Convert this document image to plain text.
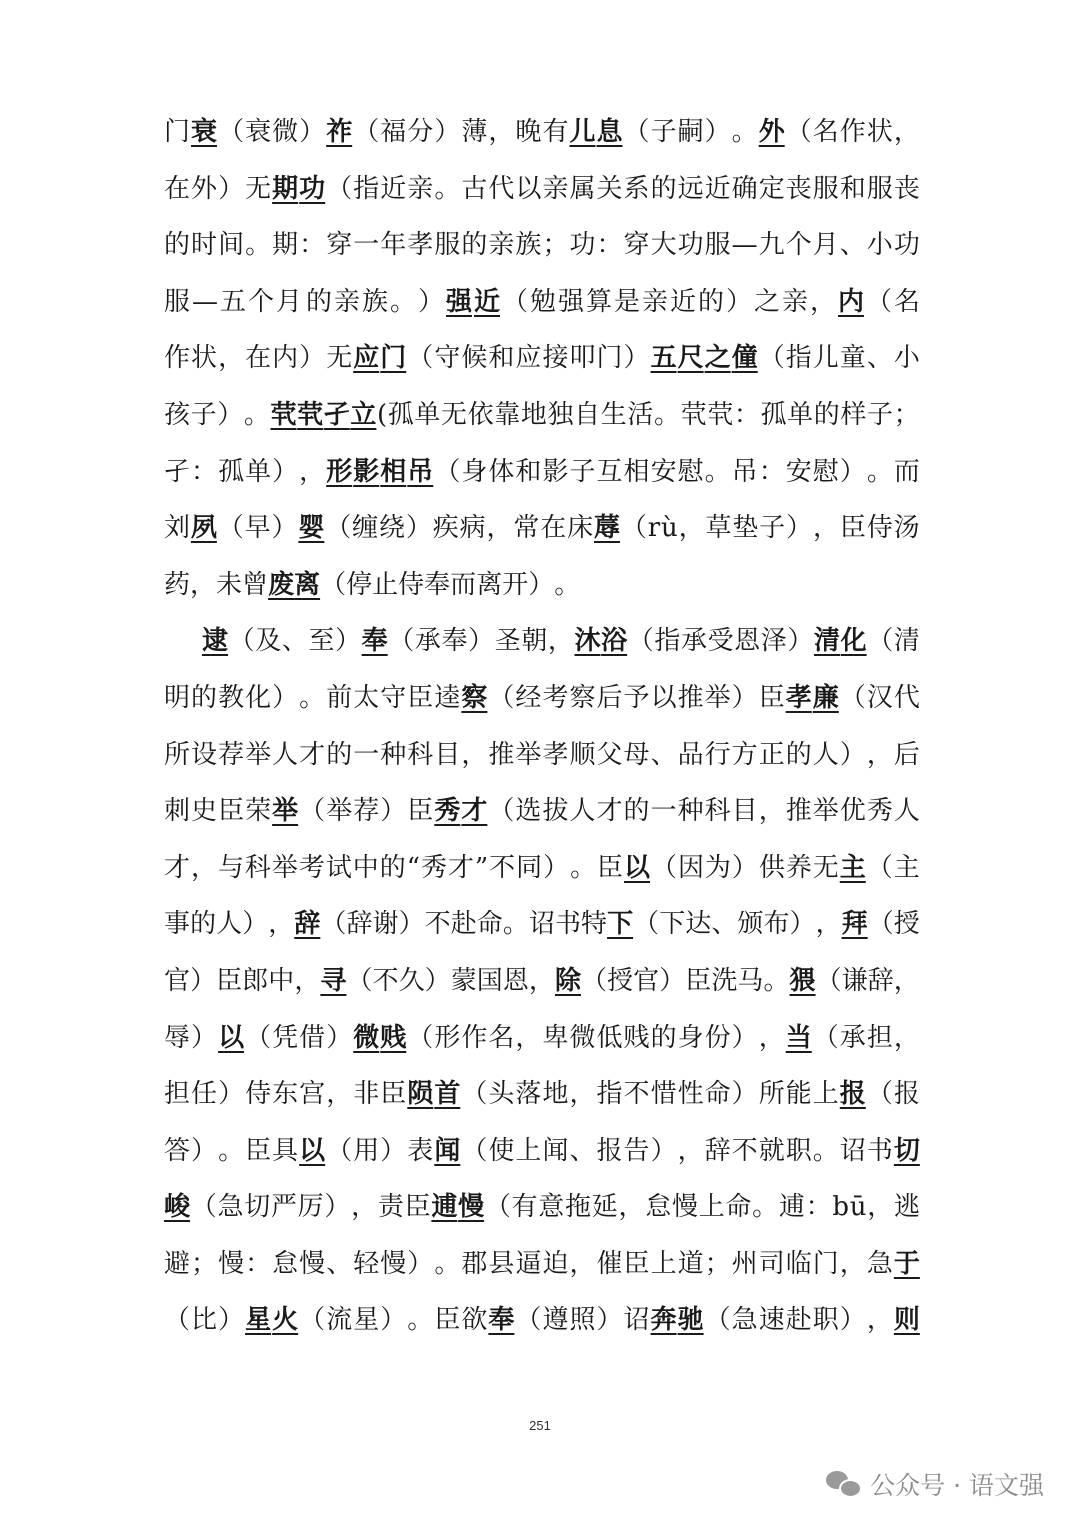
门 衰 （ 衰 微 ） 祚 （ 福 分 ） 薄 ， 晚 有 儿 息 （ 子 嗣 ） 。 外 （ 名 作 状 ，
在 外 ） 无 期 功 （ 指 近 亲 。 古 代 以 亲 属 关 系 的 远 近 确 定 丧 服 和 服 丧
的 时 间 。 期 ： 穿 一 年 孝 服 的 亲 族 ； 功 ： 穿 大 功 服 — 九 个 月 、 小 功
服 — 五 个 月 的 亲 族 。 ） 强 近 （ 勉 强 算 是 亲 近 的 ） 之 亲 ， 内 （ 名
作 状 ， 在 内 ） 无 应 门 （ 守 候 和 应 接 叩 门 ） 五 尺 之 僮 （ 指 儿 童 、 小
孩 子 ） 。 茕 茕 孑 立 ( 孤 单 无 依 靠 地 独 自 生 活 。 茕 茕 ： 孤 单 的 样 子 ；
孑 ： 孤 单 ） ， 形 影 相 吊 （ 身 体 和 影 子 互 相 安 慰 。 吊 ： 安 慰 ） 。 而
刘 夙 （ 早 ） 婴 （ 缠 绕 ） 疾 病 ， 常 在 床 蓐 （ r ù ， 草 垫 子 ） ， 臣 侍 汤
药 ， 未 曾 废 离 （ 停 止 侍 奉 而 离 开 ） 。
逮 （ 及 、 至 ） 奉 （ 承 奉 ） 圣 朝 ， 沐 浴 （ 指 承 受 恩 泽 ） 清 化 （ 清
明 的 教 化 ） 。 前 太 守 臣 逵 察 （ 经 考 察 后 予 以 推 举 ） 臣 孝 廉 （ 汉 代
所 设 荐 举 人 才 的 一 种 科 目 ， 推 举 孝 顺 父 母 、 品 行 方 正 的 人 ） ， 后
刺 史 臣 荣 举 （ 举 荐 ） 臣 秀 才 （ 选 拔 人 才 的 一 种 科 目 ， 推 举 优 秀 人
才 ， 与 科 举 考 试 中 的 “ 秀 才 ” 不 同 ） 。 臣 以 （ 因 为 ） 供 养 无 主 （ 主
事 的 人 ） ， 辞 （ 辞 谢 ） 不 赴 命 。 诏 书 特 下 （ 下 达 、 颁 布 ） ， 拜 （ 授
官 ） 臣 郎 中 ， 寻 （ 不 久 ） 蒙 国 恩 ， 除 （ 授 官 ） 臣 洗 马 。 猥 （ 谦 辞 ，
辱 ） 以 （ 凭 借 ） 微 贱 （ 形 作 名 ， 卑 微 低 贱 的 身 份 ） ， 当 （ 承 担 ，
担 任 ） 侍 东 宫 ， 非 臣 陨 首 （ 头 落 地 ， 指 不 惜 性 命 ） 所 能 上 报 （ 报
答 ） 。 臣 具 以 （ 用 ） 表 闻 （ 使 上 闻 、 报 告 ） ， 辞 不 就 职 。 诏 书 切
峻 （ 急 切 严 厉 ） ， 责 臣 逋 慢 （ 有 意 拖 延 ， 怠 慢 上 命 。 逋 ： b ū ， 逃
避 ； 慢 ： 怠 慢 、 轻 慢 ） 。 郡 县 逼 迫 ， 催 臣 上 道 ； 州 司 临 门 ， 急 于
（ 比 ） 星 火 （ 流 星 ） 。 臣 欲 奉 （ 遵 照 ） 诏 奔 驰 （ 急 速 赴 职 ） ， 则
251
公众号 · 语文强
